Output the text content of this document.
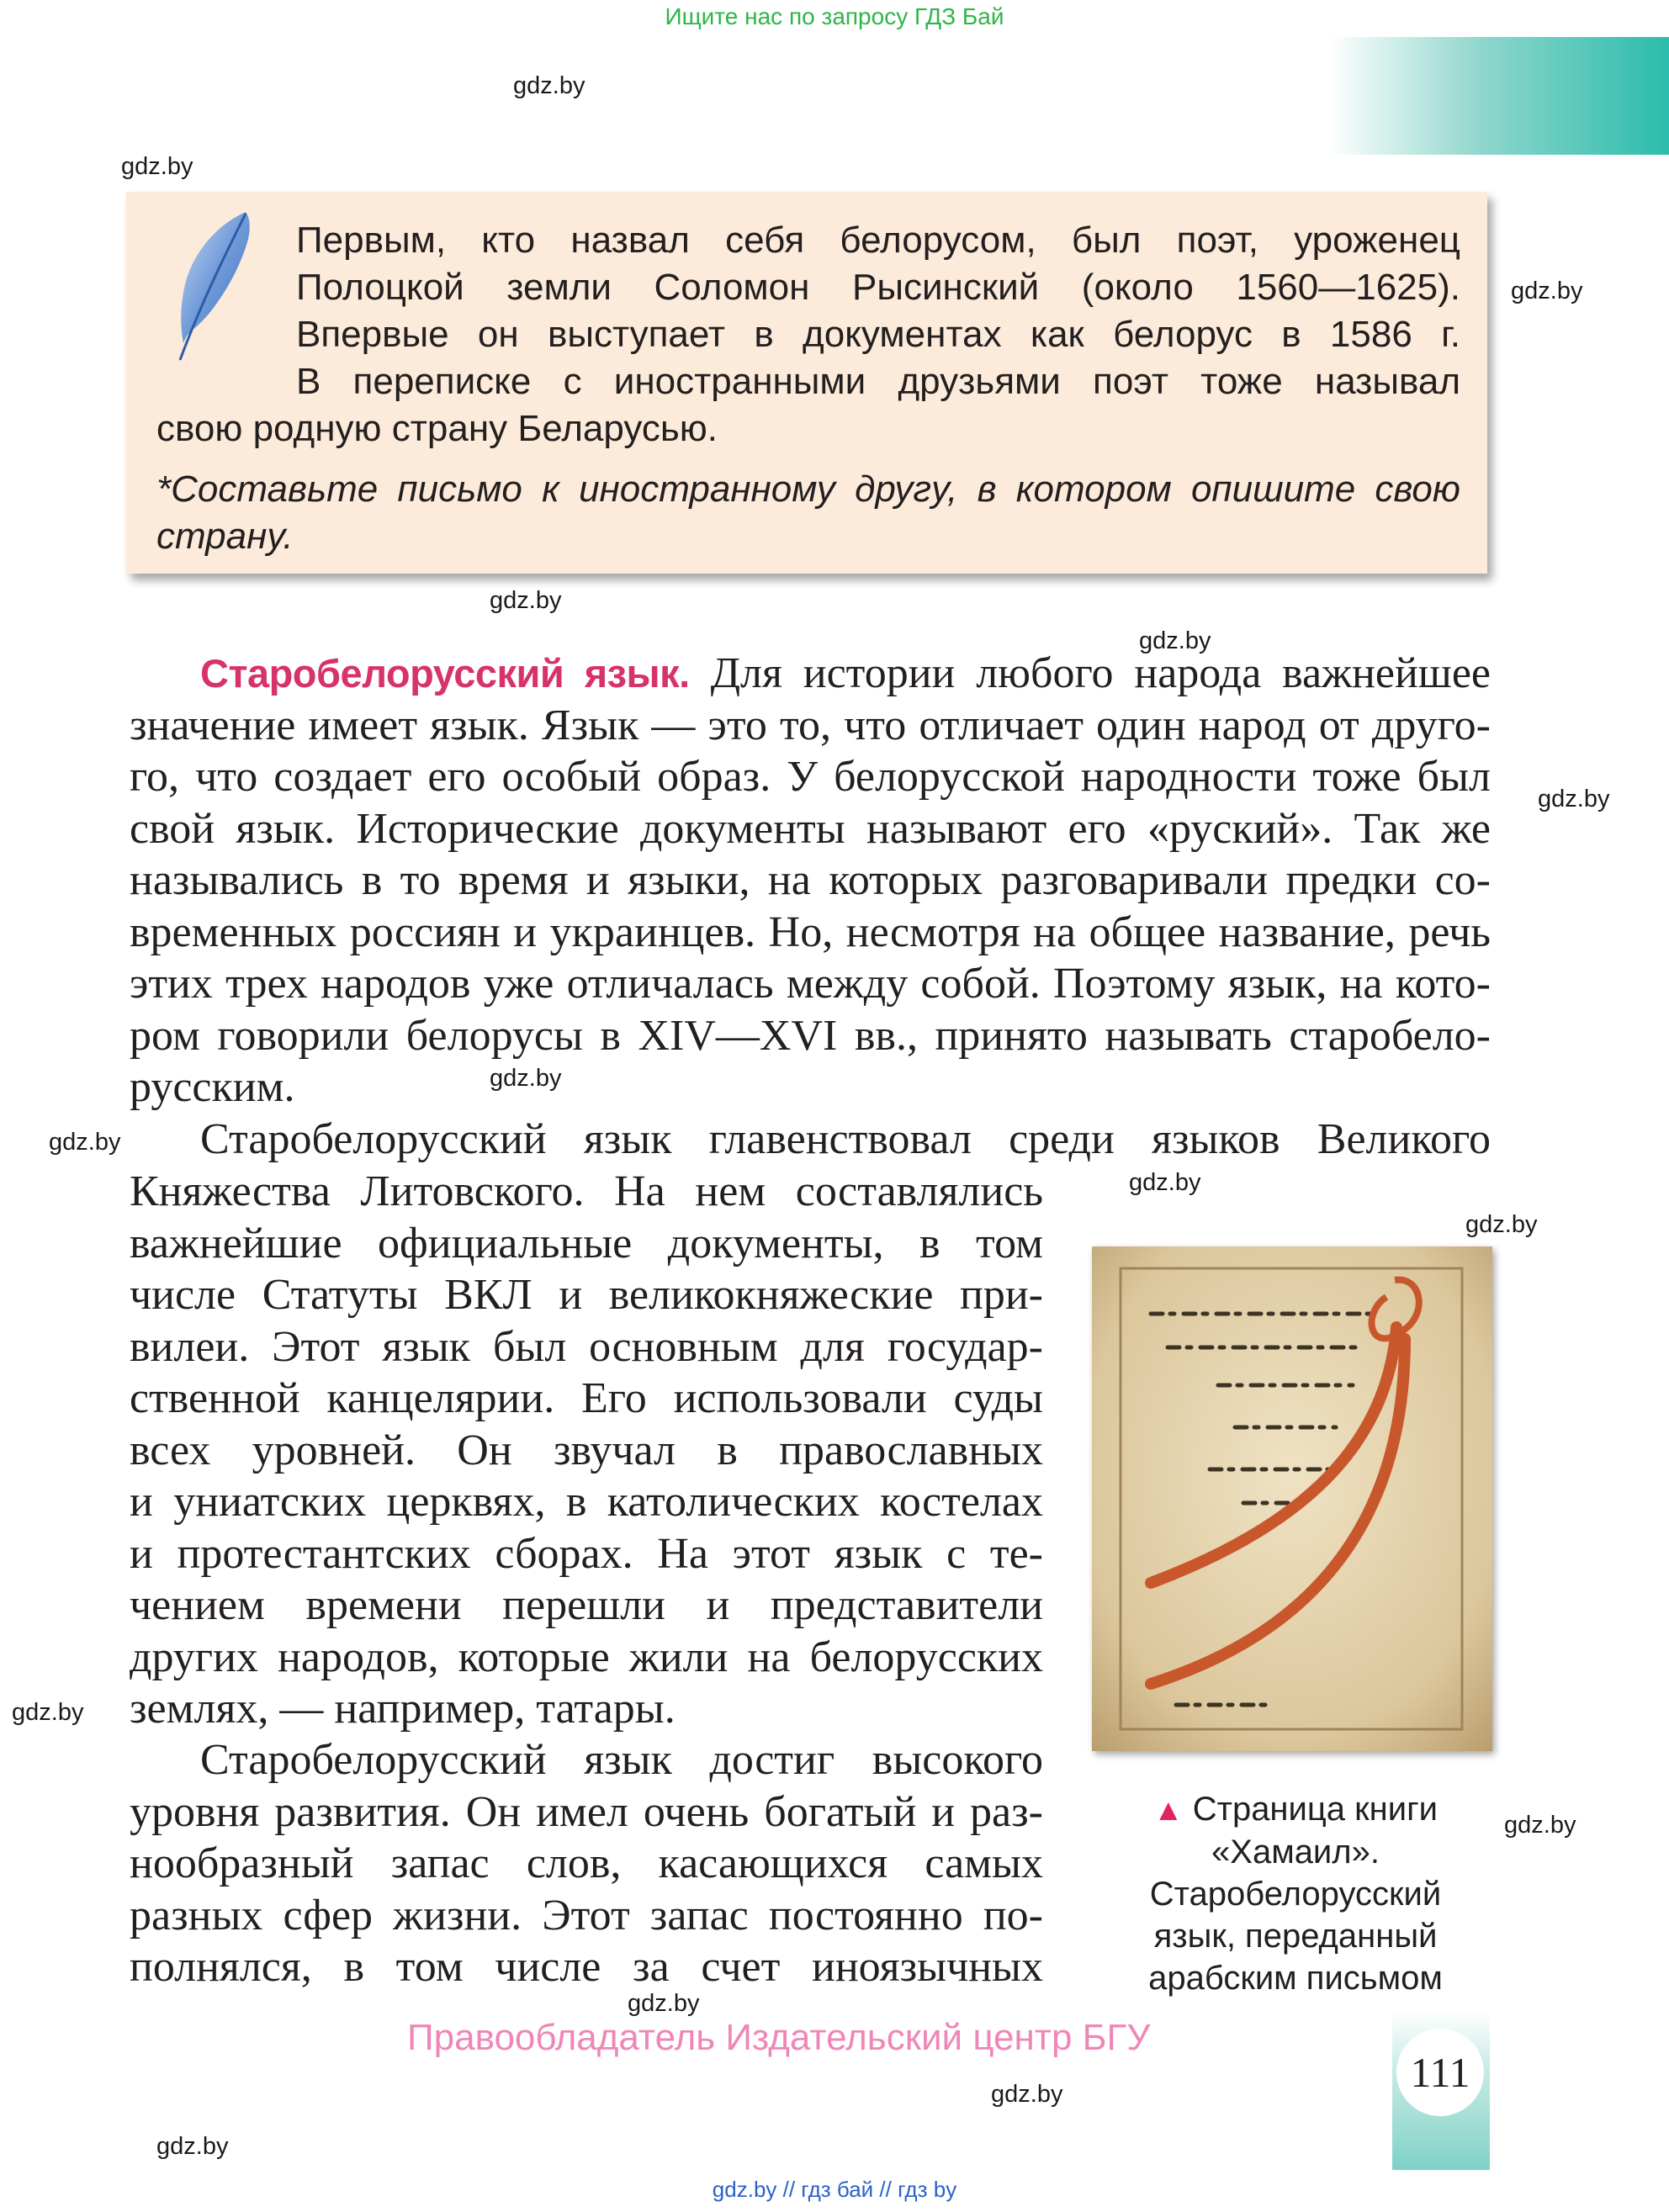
Ищите нас по запросу ГДЗ Бай
gdz.by
gdz.by
gdz.by
gdz.by
gdz.by
gdz.by
gdz.by
gdz.by
gdz.by
gdz.by
gdz.by
gdz.by
gdz.by
gdz.by
gdz.by
Первым, кто назвал себя белорусом, был поэт, уроженец
Полоцкой земли Соломон Рысинский (около 1560—1625).
Впервые он выступает в документах как белорус в 1586 г.
В переписке с иностранными друзьями поэт тоже называл
свою родную страну Беларусью.
*Составьте письмо к иностранному другу, в котором опишите свою
страну.
Старобелорусский язык. Для истории любого народа важнейшее
значение имеет язык. Язык — это то, что отличает один народ от друго-
го, что создает его особый образ. У белорусской народности тоже был
свой язык. Исторические документы называют его «руский». Так же
назывались в то время и языки, на которых разговаривали предки со-
временных россиян и украинцев. Но, несмотря на общее название, речь
этих трех народов уже отличалась между собой. Поэтому язык, на кото-
ром говорили белорусы в XIV—XVI вв., принято называть старобело-
русским.
Старобелорусский язык главенствовал среди языков Великого
Княжества Литовского. На нем составлялись
важнейшие официальные документы, в том
числе Статуты ВКЛ и великокняжеские при-
вилеи. Этот язык был основным для государ-
ственной канцелярии. Его использовали суды
всех уровней. Он звучал в православных
и униатских церквях, в католических костелах
и протестантских сборах. На этот язык с те-
чением времени перешли и представители
других народов, которые жили на белорусских
землях, — например, татары.
Старобелорусский язык достиг высокого
уровня развития. Он имел очень богатый и раз-
нообразный запас слов, касающихся самых
разных сфер жизни. Этот запас постоянно по-
полнялся, в том числе за счет иноязычных
▲ Страница книги
«Хамаил».
Старобелорусский
язык, переданный
арабским письмом
Правообладатель Издательский центр БГУ
111
gdz.by // гдз бай // гдз by
